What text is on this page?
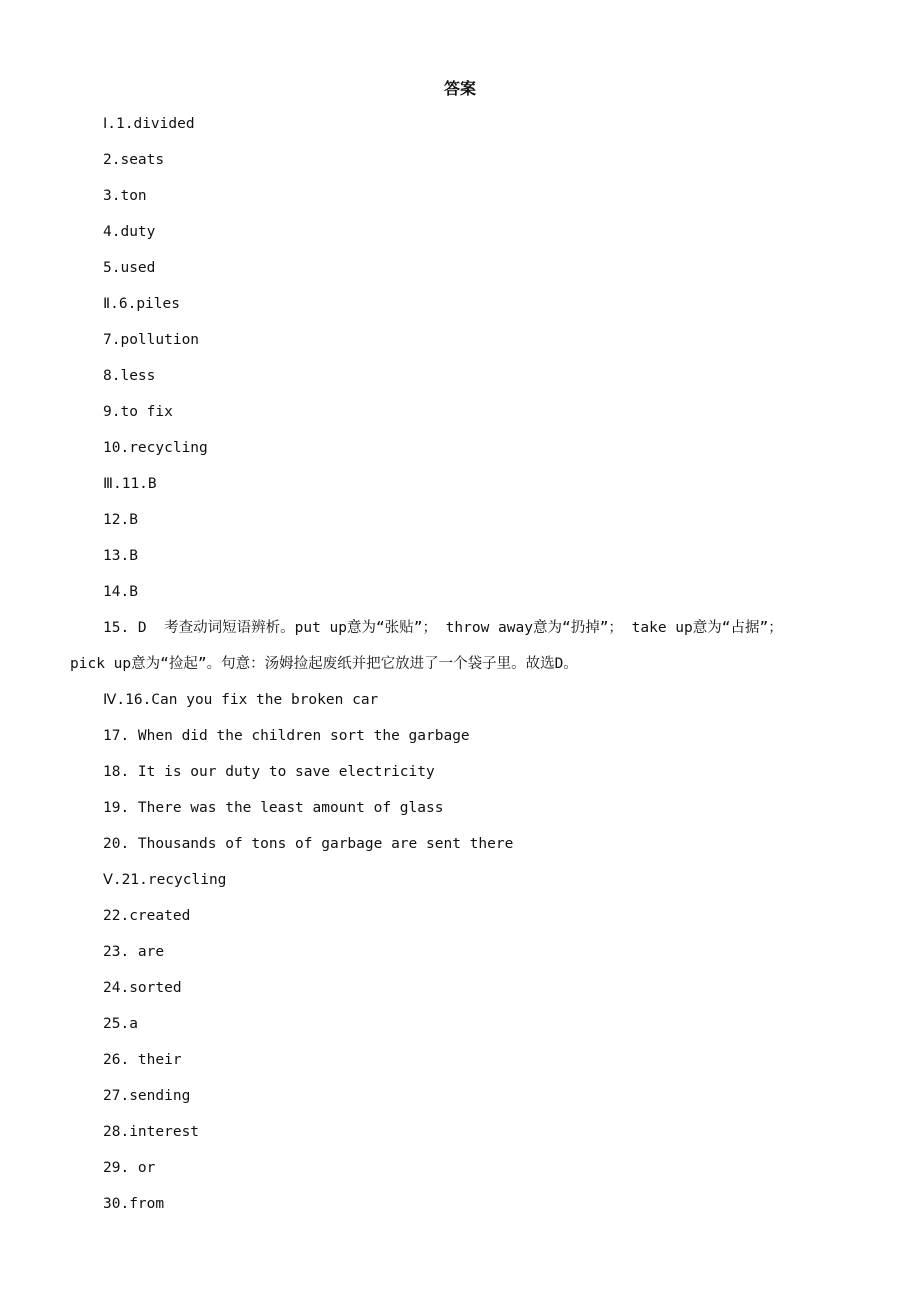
答案
Ⅰ.1.divided
2.seats
3.ton
4.duty
5.used
Ⅱ.6.piles
7.pollution
8.less
9.to fix
10.recycling
Ⅲ.11.B
12.B
13.B
14.B
15. D  考查动词短语辨析。put up意为“张贴”； throw away意为“扔掉”； take up意为“占据”；
pick up意为“捡起”。句意：汤姆捡起废纸并把它放进了一个袋子里。故选D。
Ⅳ.16.Can you fix the broken car
17. When did the children sort the garbage
18. It is our duty to save electricity
19. There was the least amount of glass
20. Thousands of tons of garbage are sent there
Ⅴ.21.recycling
22.created
23. are
24.sorted
25.a
26. their
27.sending
28.interest
29. or
30.from
